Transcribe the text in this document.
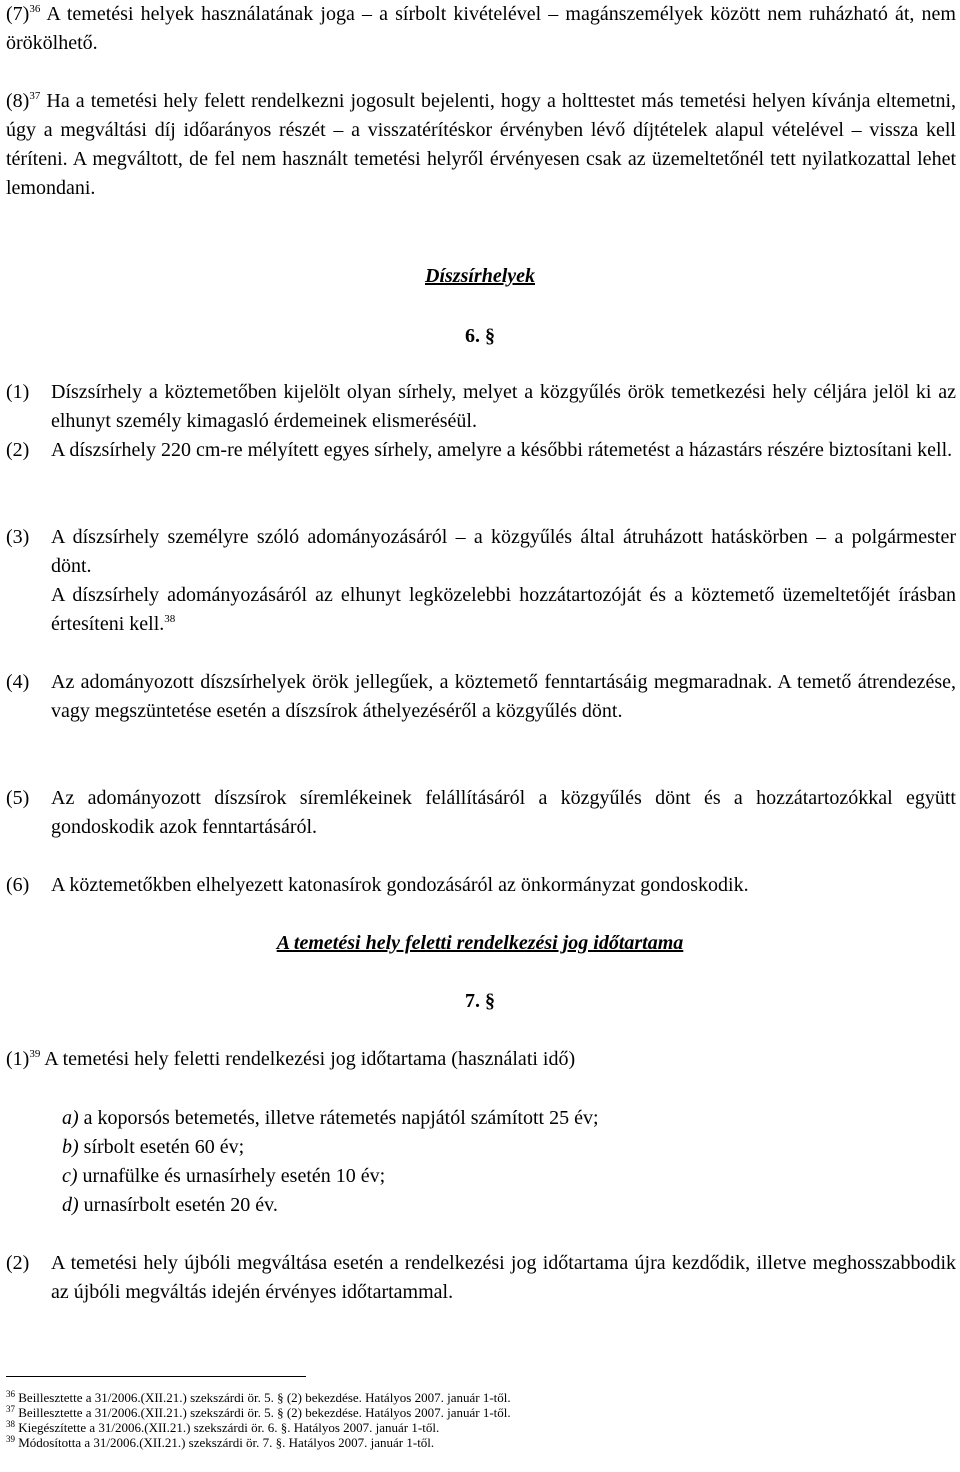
$(7)^{36}$ A temetési helyek használatának joga – a sírbolt kivételével – magánszemélyek között nem ruházható át, nem örökölhető.
$(8)^{37}$ Ha a temetési hely felett rendelkezni jogosult bejelenti, hogy a holttestet más temetési helyen kívánja eltemetni, úgy a megváltási díj időarányos részét – a visszatérítéskor érvényben lévő díjtételek alapul vételével – vissza kell téríteni. A megváltott, de fel nem használt temetési helyről érvényesen csak az üzemeltetőnél tett nyilatkozattal lehet lemondani.
Díszsírhelyek
6. §
(1) Díszsírhely a köztemetőben kijelölt olyan sírhely, melyet a közgyűlés örök temetkezési hely céljára jelöl ki az elhunyt személy kimagasló érdemeinek elismeréséül.
(2) A díszsírhely 220 cm-re mélyített egyes sírhely, amelyre a későbbi rátemetést a házastárs részére biztosítani kell.
(3) A díszsírhely személyre szóló adományozásáról – a közgyűlés által átruházott hatáskörben – a polgármester dönt.
A díszsírhely adományozásáról az elhunyt legközelebbi hozzátartozóját és a köztemető üzemeltetőjét írásban értesíteni kell.$^{38}$
(4) Az adományozott díszsírhelyek örök jellegűek, a köztemető fenntartásáig megmaradnak. A temető átrendezése, vagy megszüntetése esetén a díszsírok áthelyezéséről a közgyűlés dönt.
(5) Az adományozott díszsírok síremlékeinek felállításáról a közgyűlés dönt és a hozzátartozókkal együtt gondoskodik azok fenntartásáról.
(6) A köztemetőkben elhelyezett katonasírok gondozásáról az önkormányzat gondoskodik.
A temetési hely feletti rendelkezési jog időtartama
7. §
$(1)^{39}$ A temetési hely feletti rendelkezési jog időtartama (használati idő)
a) a koporsós betemetés, illetve rátemetés napjától számított 25 év;
b) sírbolt esetén 60 év;
c) urnafülke és urnasírhely esetén 10 év;
d) urnasírbolt esetén 20 év.
(2) A temetési hely újbóli megváltása esetén a rendelkezési jog időtartama újra kezdődik, illetve meghosszabbodik az újbóli megváltás idején érvényes időtartammal.
$^{36}$ Beillesztette a 31/2006.(XII.21.) szekszárdi ör. 5. § (2) bekezdése. Hatályos 2007. január 1-től.
$^{37}$ Beillesztette a 31/2006.(XII.21.) szekszárdi ör. 5. § (2) bekezdése. Hatályos 2007. január 1-től.
$^{38}$ Kiegészítette a 31/2006.(XII.21.) szekszárdi ör. 6. §. Hatályos 2007. január 1-től.
$^{39}$ Módosította a 31/2006.(XII.21.) szekszárdi ör. 7. §. Hatályos 2007. január 1-től.
